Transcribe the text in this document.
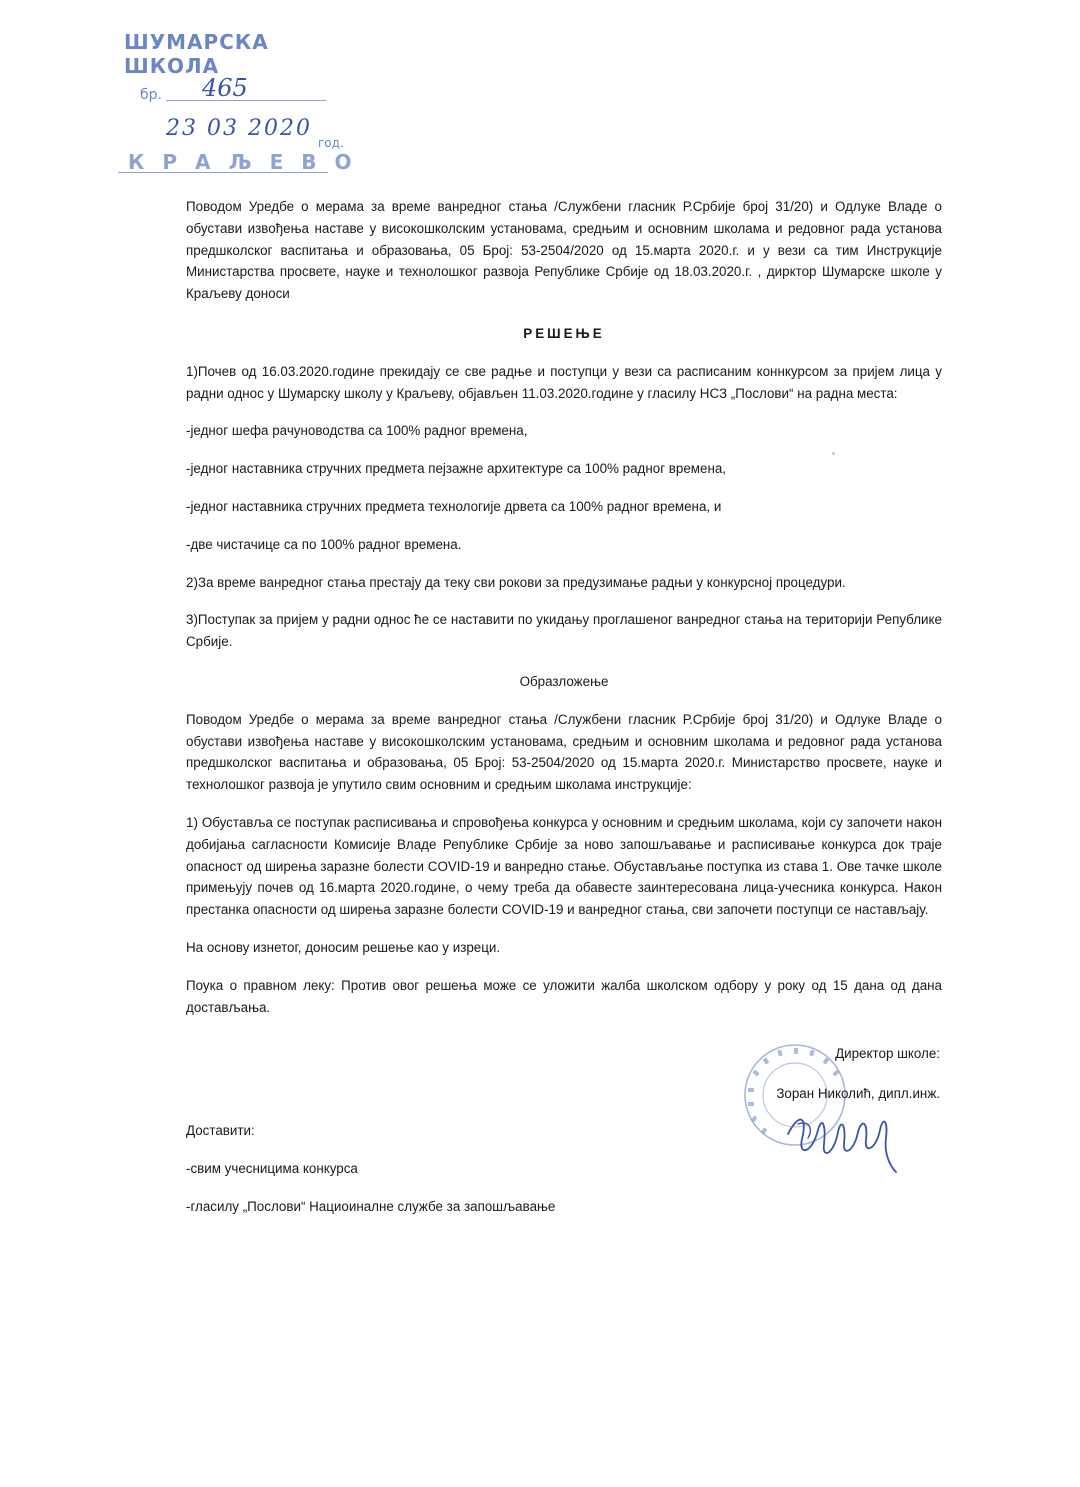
ШУМАРСКА ШКОЛА
бр. 465
23 03 2020
год.
КРАЉЕВО

Поводом Уредбе о мерама за време ванредног стања /Службени гласник Р.Србије број 31/20) и Одлуке Владе о обустави извођења наставе у високошколским установама, средњим и основним школама и редовног рада установа предшколског васпитања и образовања, 05 Број: 53-2504/2020 од 15.марта 2020.г. и у вези са тим Инструкције Министарства просвете, науке и технолошког развоја Републике Србије од 18.03.2020.г. , дирктор Шумарске школе у Краљеву доноси

РЕШЕЊЕ

1)Почев од 16.03.2020.године прекидају се све радње и поступци у вези са расписаним коннкурсом за пријем лица у радни однос у Шумарску школу у Краљеву, објављен 11.03.2020.године у гласилу НСЗ „Послови“ на радна места:

-једног шефа рачуноводства са 100% радног времена,

-једног наставника стручних предмета пејзажне архитектуре са 100% радног времена,

-једног наставника стручних предмета технологије дрвета са 100% радног времена, и

-две чистачице са по 100% радног времена.

2)За време ванредног стања престају да теку сви рокови за предузимање радњи у конкурсној процедури.

3)Поступак за пријем у радни однос ће се наставити по укидању проглашеног ванредног стања на територији Републике Србије.

Образложење

Поводом Уредбе о мерама за време ванредног стања /Службени гласник Р.Србије број 31/20) и Одлуке Владе о обустави извођења наставе у високошколским установама, средњим и основним школама и редовног рада установа предшколског васпитања и образовања, 05 Број: 53-2504/2020 од 15.марта 2020.г. Министарство просвете, науке и технолошког развоја је упутило свим основним и средњим школама инструкције:

1) Обуставља се поступак расписивања и спровођења конкурса у основним и средњим школама, који су започети након добијања сагласности Комисије Владе Републике Србије за ново запошљавање и расписивање конкурса док траје опасност од ширења заразне болести COVID-19 и ванредно стање. Обустављање поступка из става 1. Ове тачке школе примењују почев од 16.марта 2020.године, о чему треба да обавесте заинтересована лица-учесника конкурса. Након престанка опасности од ширења заразне болести COVID-19 и ванредног стања, сви започети поступци се настављају.

На основу изнетог, доносим решење као у изреци.

Поука о правном леку: Против овог решења може се уложити жалба школском одбору у року од 15 дана од дана достављања.

Директор школе:
Зоран Николић, дипл.инж.

Доставити:

-свим учесницима конкурса

-гласилу „Послови“ Нациоиналне службе за запошљавање
